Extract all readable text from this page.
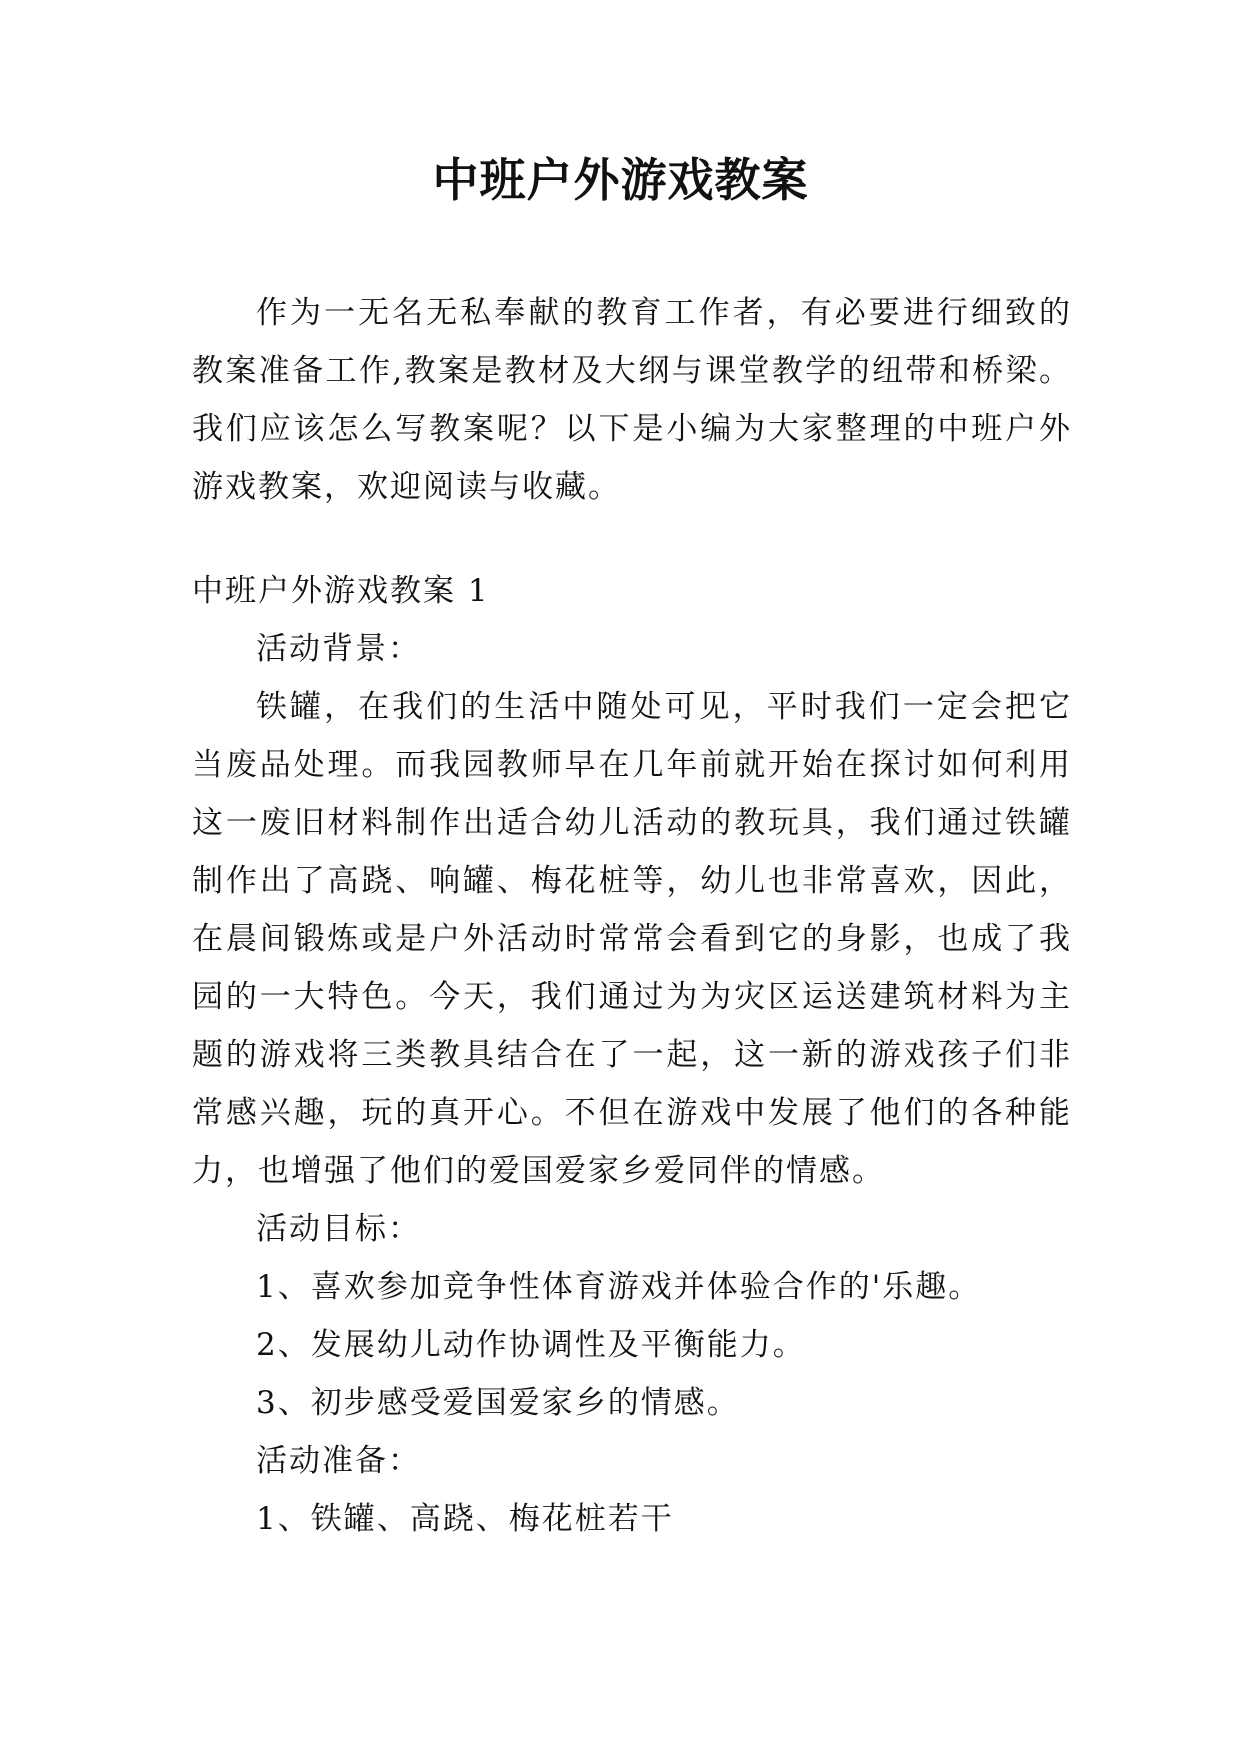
中班户外游戏教案

作为一无名无私奉献的教育工作者，有必要进行细致的教案准备工作,教案是教材及大纲与课堂教学的纽带和桥梁。我们应该怎么写教案呢？以下是小编为大家整理的中班户外游戏教案，欢迎阅读与收藏。

中班户外游戏教案 1

活动背景：

铁罐，在我们的生活中随处可见，平时我们一定会把它当废品处理。而我园教师早在几年前就开始在探讨如何利用这一废旧材料制作出适合幼儿活动的教玩具，我们通过铁罐制作出了高跷、响罐、梅花桩等，幼儿也非常喜欢，因此，在晨间锻炼或是户外活动时常常会看到它的身影，也成了我园的一大特色。今天，我们通过为为灾区运送建筑材料为主题的游戏将三类教具结合在了一起，这一新的游戏孩子们非常感兴趣，玩的真开心。不但在游戏中发展了他们的各种能力，也增强了他们的爱国爱家乡爱同伴的情感。

活动目标：

1、喜欢参加竞争性体育游戏并体验合作的'乐趣。

2、发展幼儿动作协调性及平衡能力。

3、初步感受爱国爱家乡的情感。

活动准备：

1、铁罐、高跷、梅花桩若干
